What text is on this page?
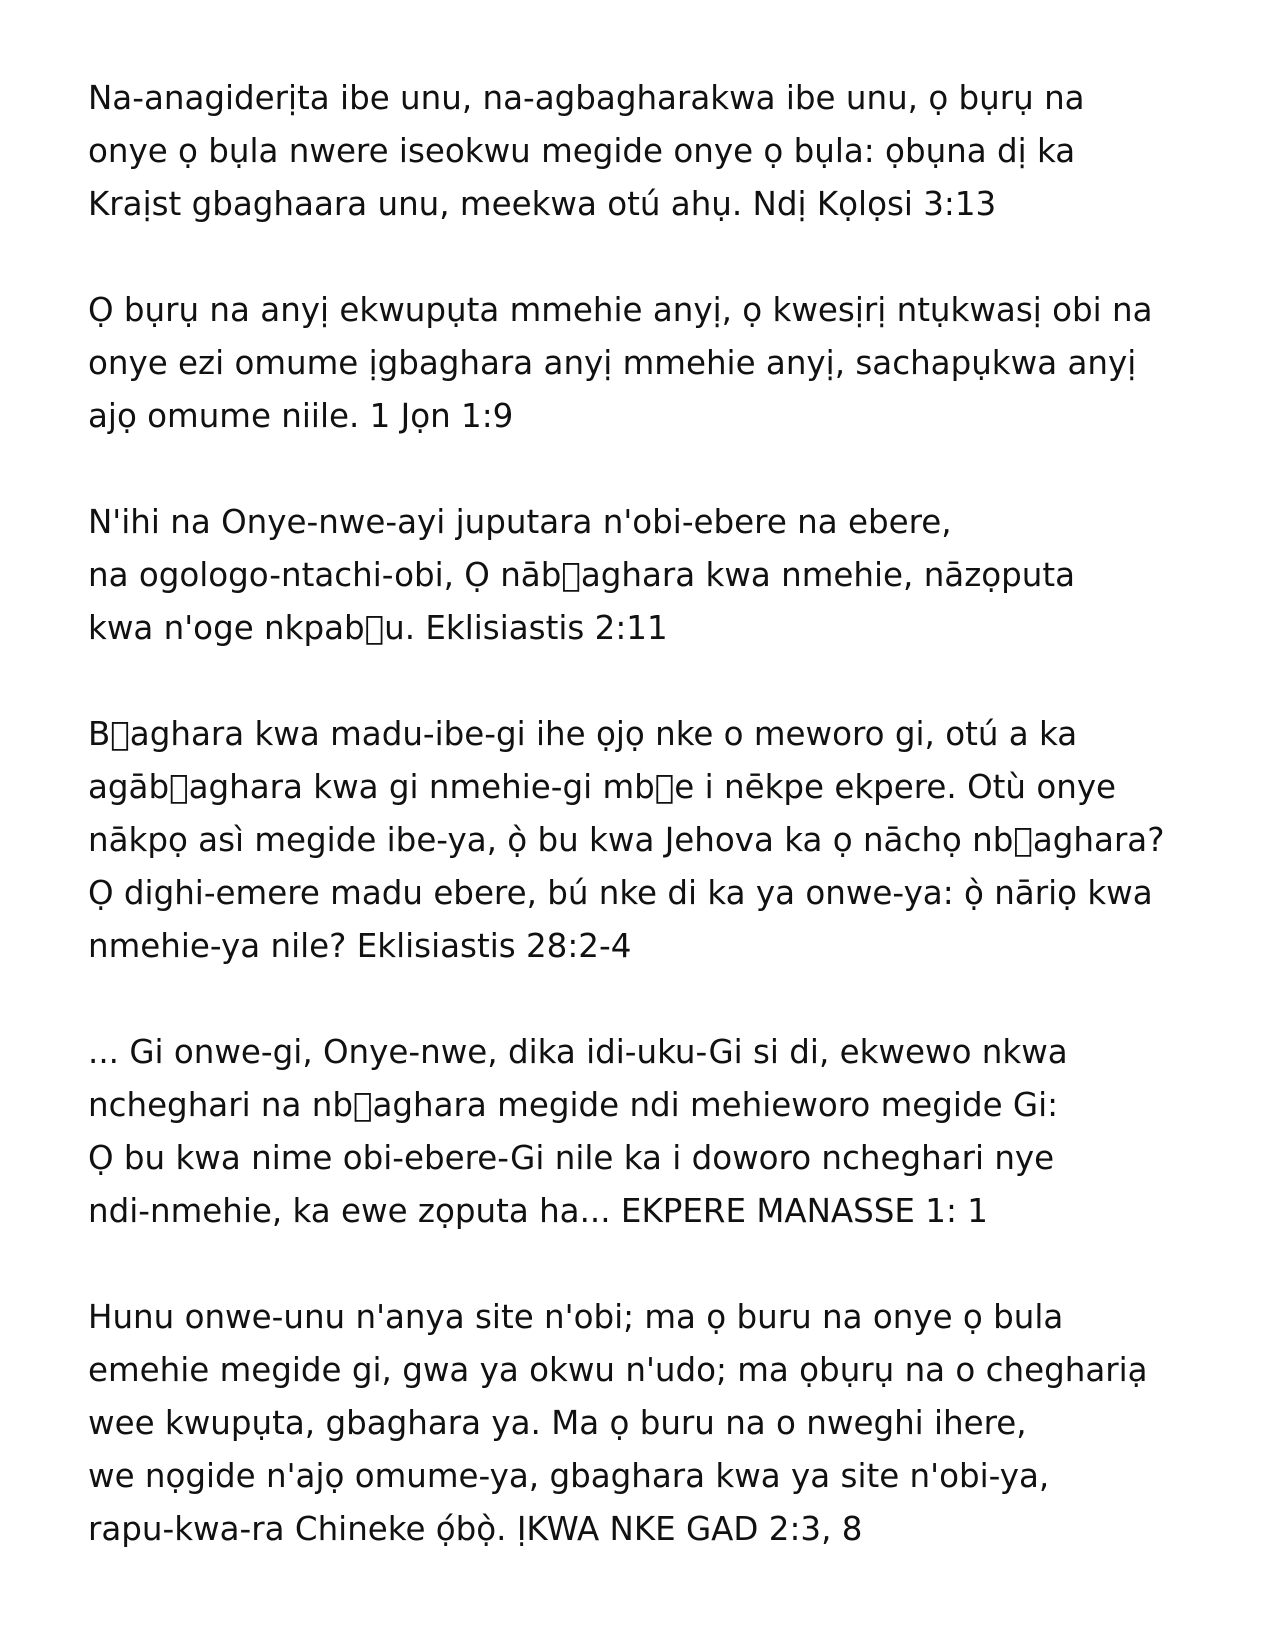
Na-anagiderịta ibe unu, na-agbagharakwa ibe unu, ọ bụrụ na
onye ọ bụla nwere iseokwu megide onye ọ bụla: ọbụna dị ka
Kraịst gbaghaara unu, meekwa otú ahụ. Ndị Kọlọsi 3:13
Ọ bụrụ na anyị ekwupụta mmehie anyị, ọ kwesịrị ntụkwasị obi na
onye ezi omume ịgbaghara anyị mmehie anyị, sachapụkwa anyị
ajọ omume niile. 1 Jọn 1:9
N'ihi na Onye-nwe-ayi juputara n'obi-ebere na ebere,
na ogologo-ntachi-obi, Ọ nāb aghara kwa nmehie, nāzọputa
kwa n'oge nkpab u. Eklisiastis 2:11
B aghara kwa madu-ibe-gi ihe ọjọ nke o meworo gi, otú a ka
agāb aghara kwa gi nmehie-gi mb e i nēkpe ekpere. Otù onye
nākpọ asì megide ibe-ya, ọ̀ bu kwa Jehova ka ọ nāchọ nb aghara?
Ọ dighi-emere madu ebere, bú nke di ka ya onwe-ya: ọ̀ nāriọ kwa
nmehie-ya nile? Eklisiastis 28:2-4
... Gi onwe-gi, Onye-nwe, dika idi-uku-Gi si di, ekwewo nkwa
ncheghari na nb aghara megide ndi mehieworo megide Gi:
Ọ bu kwa nime obi-ebere-Gi nile ka i doworo ncheghari nye
ndi-nmehie, ka ewe zọputa ha... EKPERE MANASSE 1: 1
Hunu onwe-unu n'anya site n'obi; ma ọ buru na onye ọ bula
emehie megide gi, gwa ya okwu n'udo; ma ọbụrụ na o cheghariạ
wee kwupụta, gbaghara ya. Ma ọ buru na o nweghi ihere,
we nọgide n'ajọ omume-ya, gbaghara kwa ya site n'obi-ya,
rapu-kwa-ra Chineke ọ́bọ̀. ỊKWA NKE GAD 2:3, 8
